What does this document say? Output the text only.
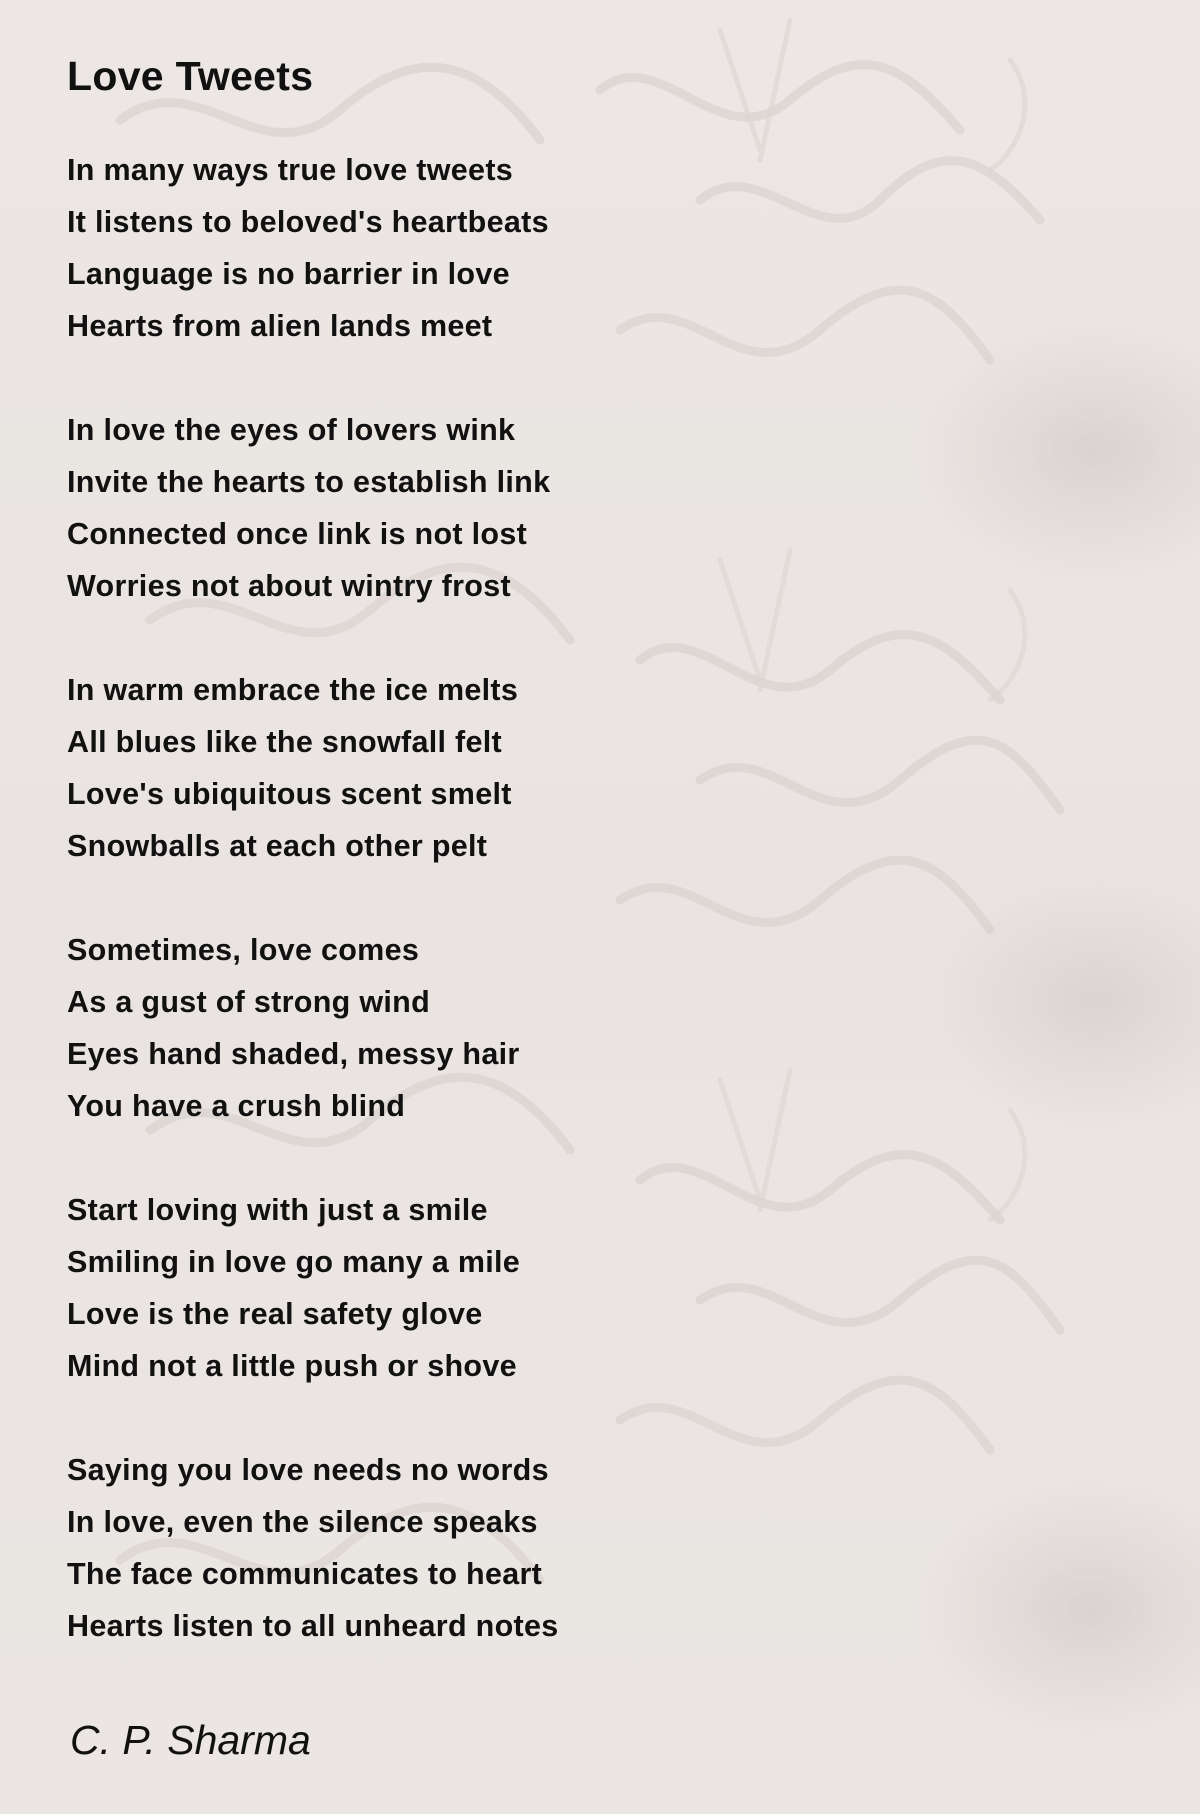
Love Tweets
In many ways true love tweets
It listens to beloved's heartbeats
Language is no barrier in love
Hearts from alien lands meet
In love the eyes of lovers wink
Invite the hearts to establish link
Connected once link is not lost
Worries not about wintry frost
In warm embrace the ice melts
All blues like the snowfall felt
Love's ubiquitous scent smelt
Snowballs at each other pelt
Sometimes, love comes
As a gust of strong wind
Eyes hand shaded, messy hair
You have a crush blind
Start loving with just a smile
Smiling in love go many a mile
Love is the real safety glove
Mind not a little push or shove
Saying you love needs no words
In love, even the silence speaks
The face communicates to heart
Hearts listen to all unheard notes
C. P. Sharma
